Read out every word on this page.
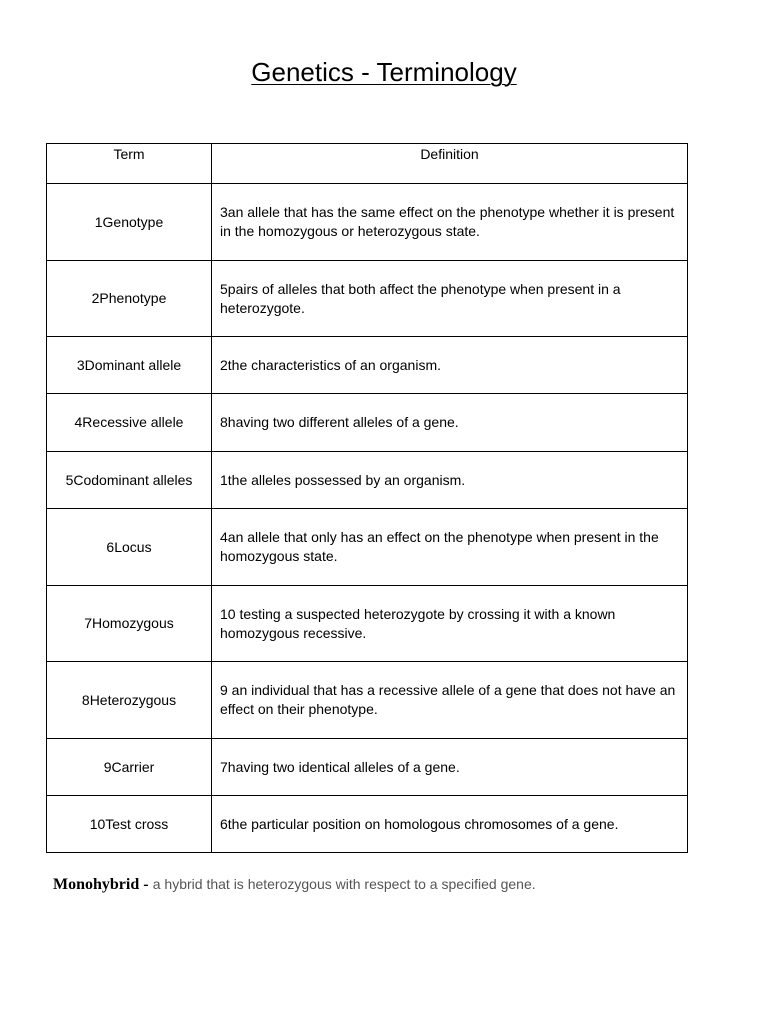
Genetics - Terminology
Term	Definition
1Genotype	3an allele that has the same effect on the phenotype whether it is present in the homozygous or heterozygous state.
2Phenotype	5pairs of alleles that both affect the phenotype when present in a heterozygote.
3Dominant allele	2the characteristics of an organism.
4Recessive allele	8having two different alleles of a gene.
5Codominant alleles	1the alleles possessed by an organism.
6Locus	4an allele that only has an effect on the phenotype when present in the homozygous state.
7Homozygous	10 testing a suspected heterozygote by crossing it with a known homozygous recessive.
8Heterozygous	9 an individual that has a recessive allele of a gene that does not have an effect on their phenotype.
9Carrier	7having two identical alleles of a gene.
10Test cross	6the particular position on homologous chromosomes of a gene.
Monohybrid - a hybrid that is heterozygous with respect to a specified gene.
